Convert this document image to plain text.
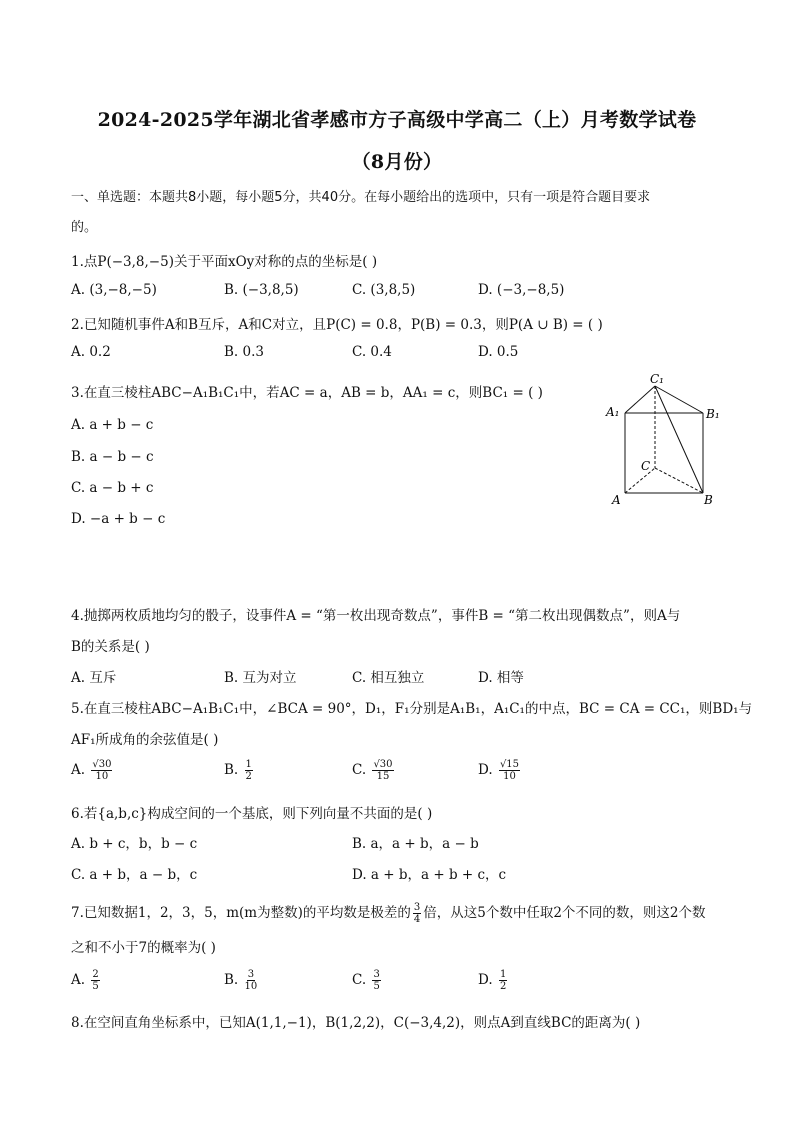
2024-2025学年湖北省孝感市方子高级中学高二（上）月考数学试卷
（8月份）
一、单选题：本题共8小题，每小题5分，共40分。在每小题给出的选项中，只有一项是符合题目要求
的。
1.点P(−3,8,−5)关于平面xOy对称的点的坐标是( )
A. (3,−8,−5)	B. (−3,8,5)	C. (3,8,5)	D. (−3,−8,5)
2.已知随机事件A和B互斥，A和C对立，且P(C) = 0.8，P(B) = 0.3，则P(A ∪ B) = ( )
A. 0.2	B. 0.3	C. 0.4	D. 0.5
3.在直三棱柱ABC−A₁B₁C₁中，若AC = a，AB = b，AA₁ = c，则BC₁ = ( )
A. a + b − c
B. a − b − c
C. a − b + c
D. −a + b − c
C₁
A₁	B₁
C
A	B
4.抛掷两枚质地均匀的骰子，设事件A = “第一枚出现奇数点”，事件B = “第二枚出现偶数点”，则A与
B的关系是( )
A. 互斥	B. 互为对立	C. 相互独立	D. 相等
5.在直三棱柱ABC−A₁B₁C₁中，∠BCA = 90°，D₁，F₁分别是A₁B₁，A₁C₁的中点，BC = CA = CC₁，则BD₁与
AF₁所成角的余弦值是( )
A. $\frac{√30}{10}$	B. $\frac{1}{2}$	C. $\frac{√30}{15}$	D. $\frac{√15}{10}$
6.若{a,b,c}构成空间的一个基底，则下列向量不共面的是( )
A. b + c，b，b − c	B. a，a + b，a − b
C. a + b，a − b，c	D. a + b，a + b + c，c
7.已知数据1，2，3，5，m(m为整数)的平均数是极差的 $\frac{3}{4}$ 倍，从这5个数中任取2个不同的数，则这2个数
之和不小于7的概率为( )
A. $\frac{2}{5}$	B. $\frac{3}{10}$	C. $\frac{3}{5}$	D. $\frac{1}{2}$
8.在空间直角坐标系中，已知A(1,1,−1)，B(1,2,2)，C(−3,4,2)，则点A到直线BC的距离为( )
